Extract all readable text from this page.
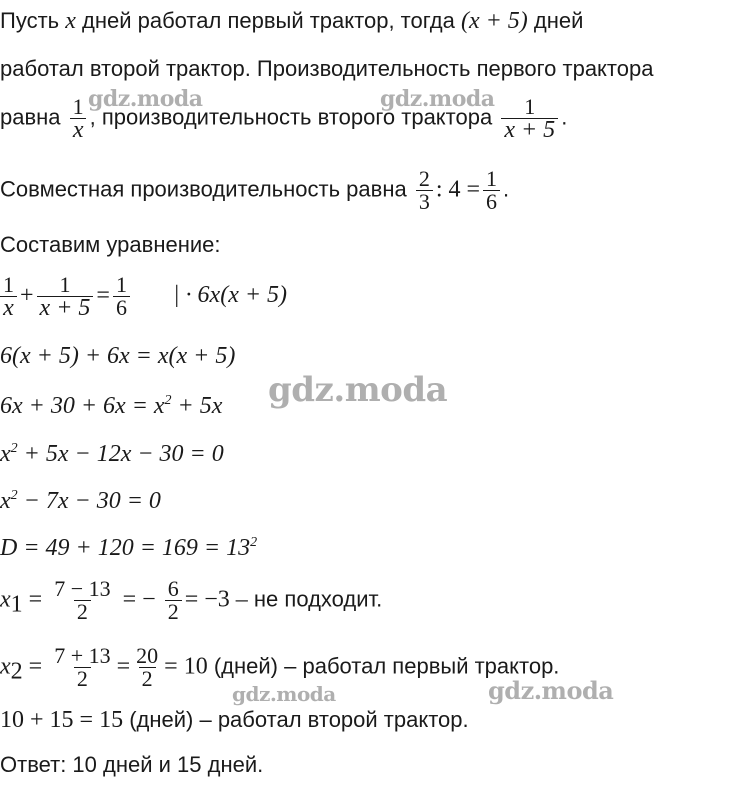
Пусть x дней работал первый трактор, тогда (x + 5) дней
работал второй трактор. Производительность первого трактора
равна $\frac{1}{x}$ , производительность второго трактора $\frac{1}{x + 5}$ .
Совместная производительность равна $\frac{2}{3}$ : $4 = \frac{1}{6}$ .
Составим уравнение:
$\frac{1}{x} + \frac{1}{x + 5} = \frac{1}{6}$ | · 6x(x + 5)
6(x + 5) + 6x = x(x + 5)
$6x + 30 + 6x = x^2 + 5x$
$x^2 + 5x - 12x - 30 = 0$
$x^2 - 7x - 30 = 0$
$D = 49 + 120 = 169 = 13^2$
$x_1 = \frac{7 - 13}{2}$ = − $\frac{6}{2} = -3$ – не подходит.
$x_2 = \frac{7 + 13}{2} = \frac{20}{2} = 10$ (дней) – работал первый трактор.
10 + 15 = 15 (дней) – работал второй трактор.
Ответ: 10 дней и 15 дней.
gdz.moda	gdz.moda
gdz.moda
gdz.moda	gdz.moda
